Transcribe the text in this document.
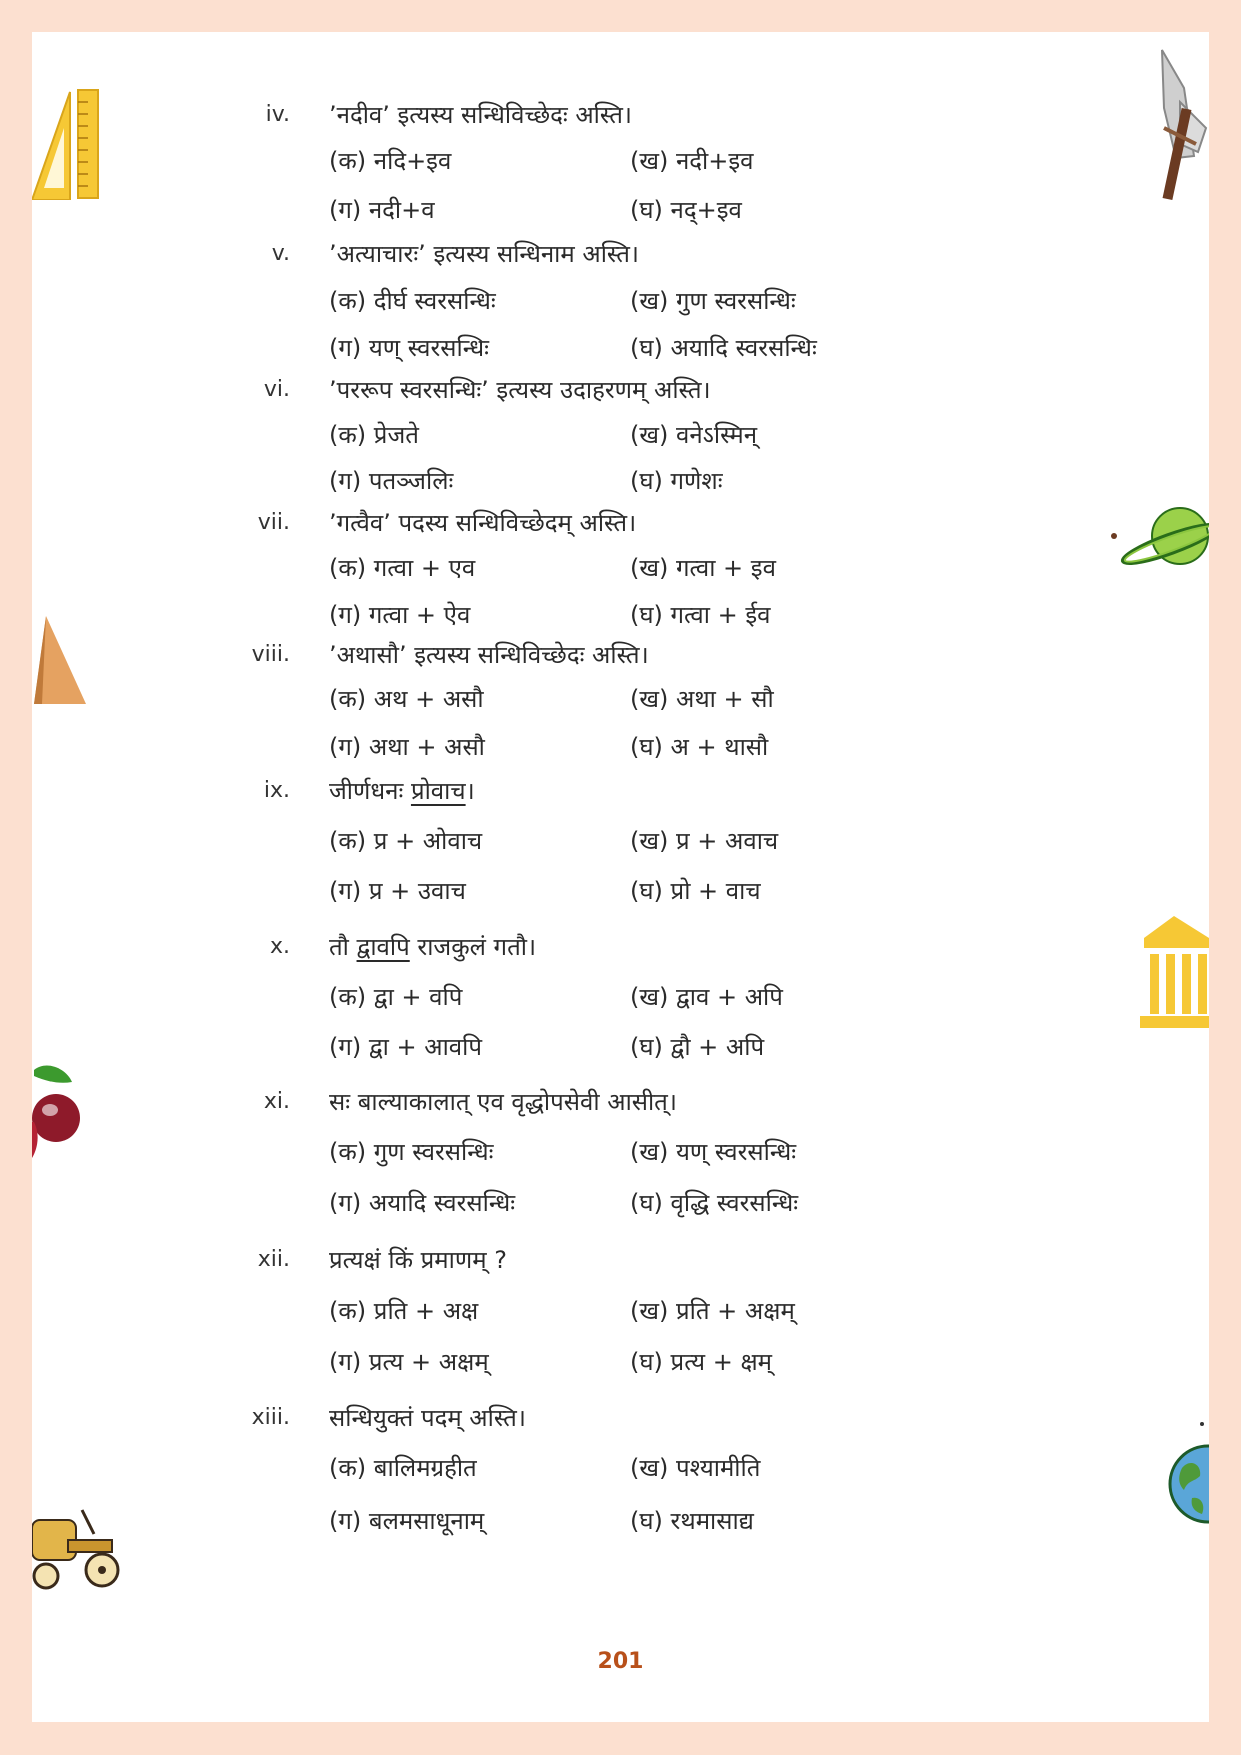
iv. ’नदीव’ इत्यस्य सन्धिविच्छेदः अस्ति।
(क) नदि+इव	(ख) नदी+इव
(ग) नदी+व	(घ) नद्+इव
v. ’अत्याचारः’ इत्यस्य सन्धिनाम अस्ति।
(क) दीर्घ स्वरसन्धिः	(ख) गुण स्वरसन्धिः
(ग) यण् स्वरसन्धिः	(घ) अयादि स्वरसन्धिः
vi. ’पररूप स्वरसन्धिः’ इत्यस्य उदाहरणम् अस्ति।
(क) प्रेजते	(ख) वनेऽस्मिन्
(ग) पतञ्जलिः	(घ) गणेशः
vii. ’गत्वैव’ पदस्य सन्धिविच्छेदम् अस्ति।
(क) गत्वा + एव	(ख) गत्वा + इव
(ग) गत्वा + ऐव	(घ) गत्वा + ईव
viii. ’अथासौ’ इत्यस्य सन्धिविच्छेदः अस्ति।
(क) अथ + असौ	(ख) अथा + सौ
(ग) अथा + असौ	(घ) अ + थासौ
ix. जीर्णधनः प्रोवाच।
(क) प्र + ओवाच	(ख) प्र + अवाच
(ग) प्र + उवाच	(घ) प्रो + वाच
x. तौ द्वावपि राजकुलं गतौ।
(क) द्वा + वपि	(ख) द्वाव + अपि
(ग) द्वा + आवपि	(घ) द्वौ + अपि
xi. सः बाल्याकालात् एव वृद्धोपसेवी आसीत्।
(क) गुण स्वरसन्धिः	(ख) यण् स्वरसन्धिः
(ग) अयादि स्वरसन्धिः	(घ) वृद्धि स्वरसन्धिः
xii. प्रत्यक्षं किं प्रमाणम् ?
(क) प्रति + अक्ष	(ख) प्रति + अक्षम्
(ग) प्रत्य + अक्षम्	(घ) प्रत्य + क्षम्
xiii. सन्धियुक्तं पदम् अस्ति।
(क) बालिमग्रहीत	(ख) पश्यामीति
(ग) बलमसाधूनाम्	(घ) रथमासाद्य
201
